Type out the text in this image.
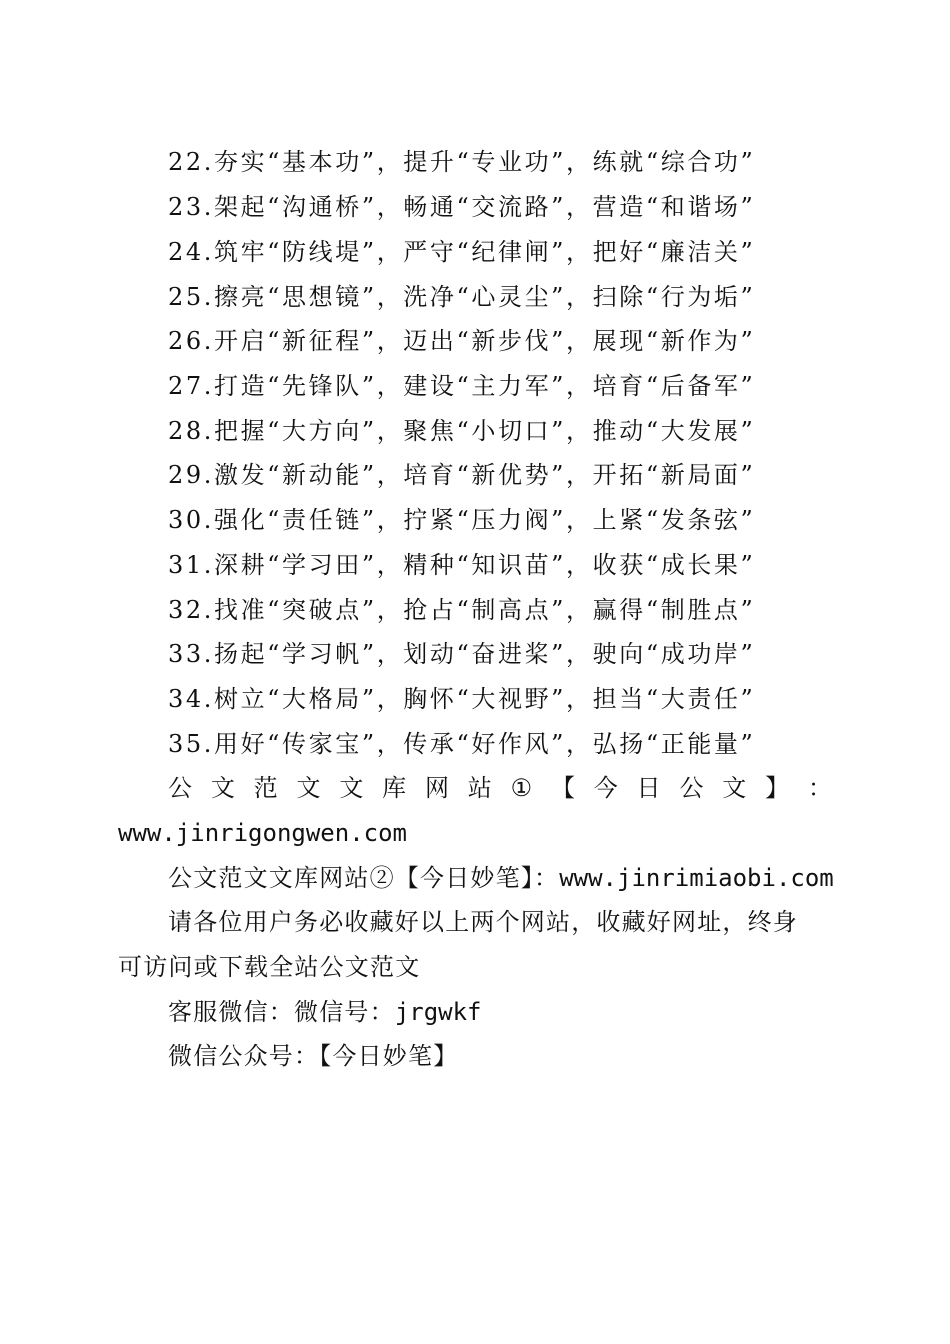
22.夯实“基本功”，提升“专业功”，练就“综合功”
23.架起“沟通桥”，畅通“交流路”，营造“和谐场”
24.筑牢“防线堤”，严守“纪律闸”，把好“廉洁关”
25.擦亮“思想镜”，洗净“心灵尘”，扫除“行为垢”
26.开启“新征程”，迈出“新步伐”，展现“新作为”
27.打造“先锋队”，建设“主力军”，培育“后备军”
28.把握“大方向”，聚焦“小切口”，推动“大发展”
29.激发“新动能”，培育“新优势”，开拓“新局面”
30.强化“责任链”，拧紧“压力阀”，上紧“发条弦”
31.深耕“学习田”，精种“知识苗”，收获“成长果”
32.找准“突破点”，抢占“制高点”，赢得“制胜点”
33.扬起“学习帆”，划动“奋进桨”，驶向“成功岸”
34.树立“大格局”，胸怀“大视野”，担当“大责任”
35.用好“传家宝”，传承“好作风”，弘扬“正能量”
公 文 范 文 文 库 网 站 ① 【 今 日 公 文 】 ：
www.jinrigongwen.com
公文范文文库网站②【今日妙笔】：www.jinrimiaobi.com
请各位用户务必收藏好以上两个网站，收藏好网址，终身
可访问或下载全站公文范文
客服微信：微信号：jrgwkf
微信公众号：【今日妙笔】
